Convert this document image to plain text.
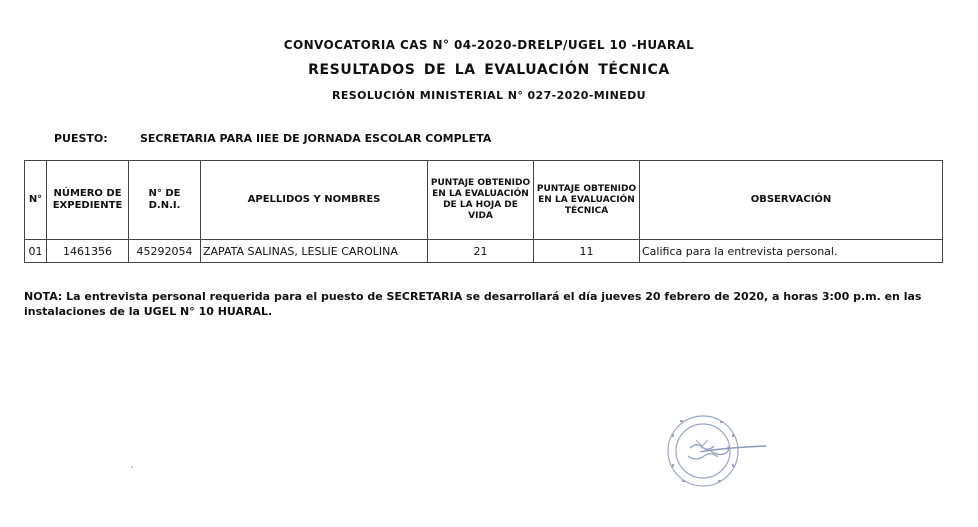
CONVOCATORIA CAS N° 04-2020-DRELP/UGEL 10 -HUARAL
RESULTADOS DE LA EVALUACIÓN TÉCNICA
RESOLUCIÓN MINISTERIAL N° 027-2020-MINEDU
PUESTO:	SECRETARIA PARA IIEE DE JORNADA ESCOLAR COMPLETA
N°	NÚMERO DE EXPEDIENTE	N° DE D.N.I.	APELLIDOS Y NOMBRES	PUNTAJE OBTENIDO EN LA EVALUACIÓN DE LA HOJA DE VIDA	PUNTAJE OBTENIDO EN LA EVALUACIÓN TÉCNICA	OBSERVACIÓN
01	1461356	45292054	ZAPATA SALINAS, LESLIE CAROLINA	21	11	Califica para la entrevista personal.
NOTA: La entrevista personal requerida para el puesto de SECRETARIA se desarrollará el día jueves 20 febrero de 2020, a horas 3:00 p.m. en las instalaciones de la UGEL N° 10 HUARAL.
